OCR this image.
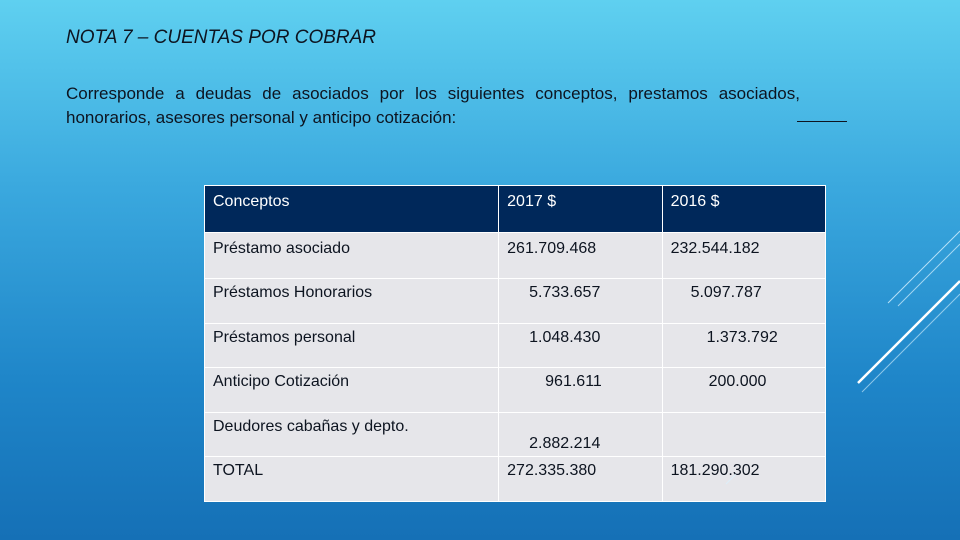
NOTA 7 – CUENTAS POR COBRAR
Corresponde a deudas de asociados por los siguientes conceptos, prestamos asociados, honorarios, asesores personal y anticipo cotización:
Conceptos	2017 $	2016 $
Préstamo asociado	261.709.468	232.544.182
Préstamos Honorarios	5.733.657	5.097.787
Préstamos personal	1.048.430	1.373.792
Anticipo Cotización	961.611	200.000
Deudores cabañas y depto.	2.882.214	
TOTAL	272.335.380	181.290.302
